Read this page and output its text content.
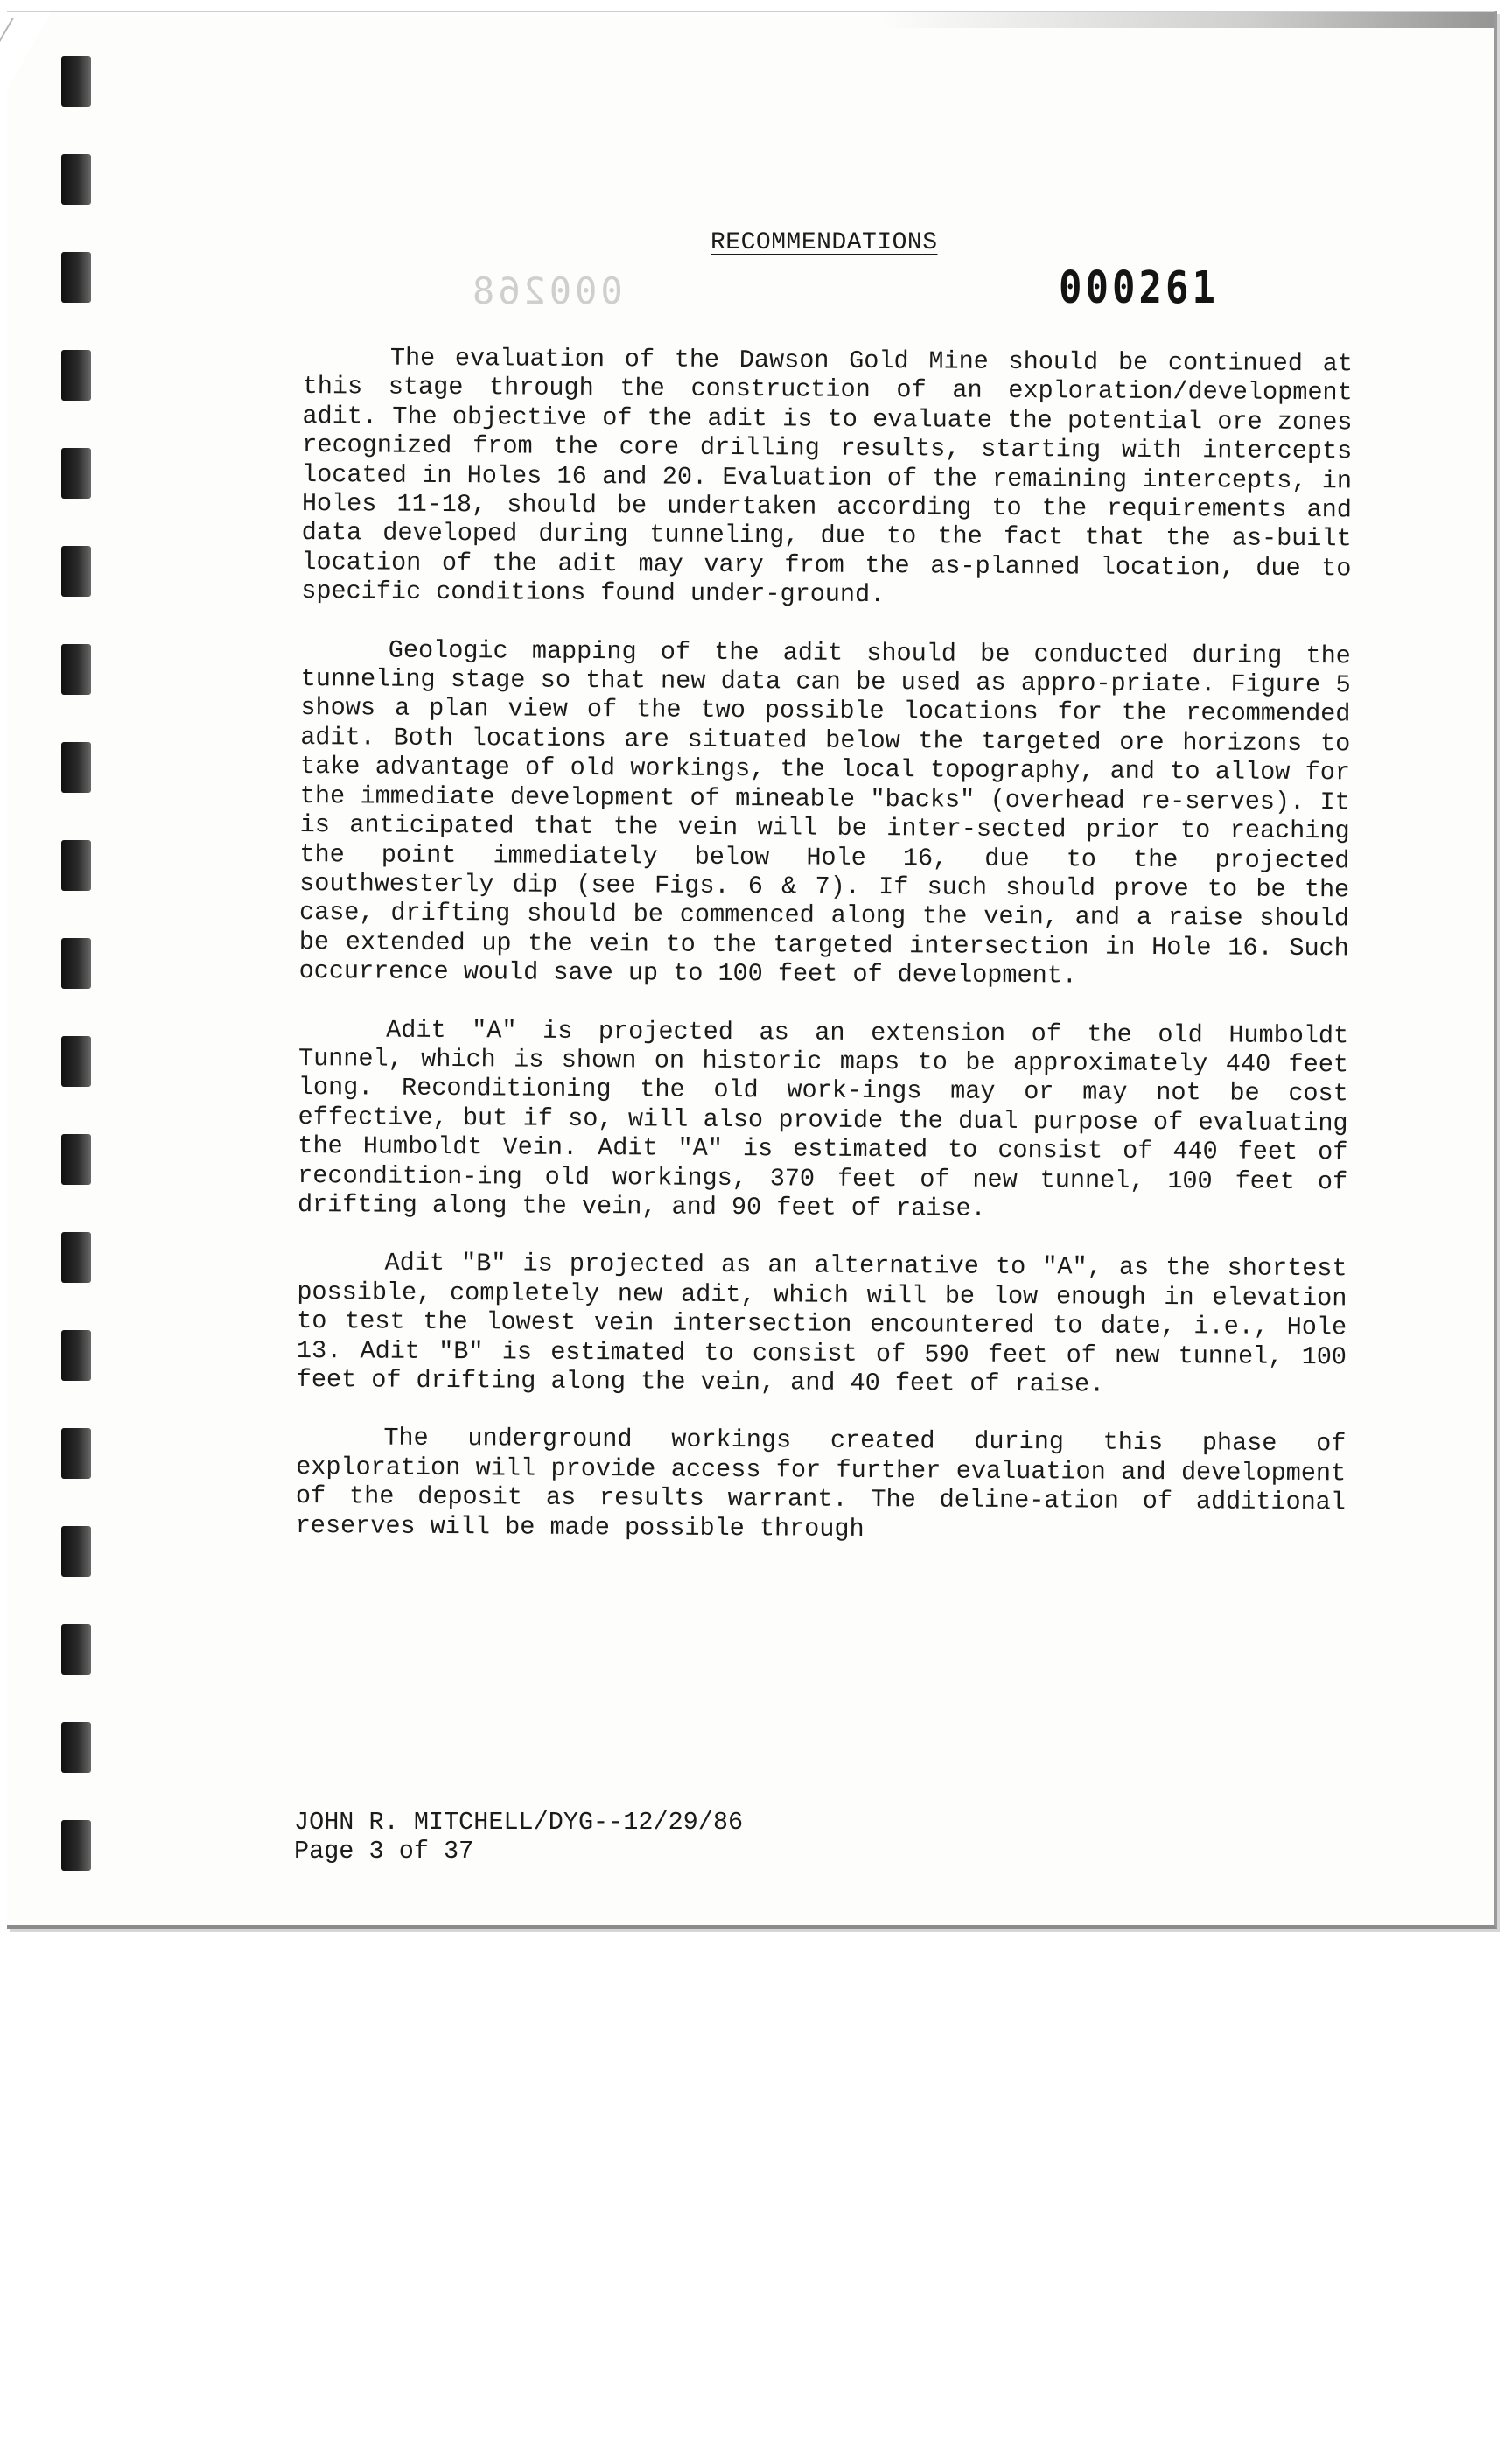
RECOMMENDATIONS
000268	000261

The evaluation of the Dawson Gold Mine should be continued at this stage through the construction of an exploration/development adit. The objective of the adit is to evaluate the potential ore zones recognized from the core drilling results, starting with intercepts located in Holes 16 and 20. Evaluation of the remaining intercepts, in Holes 11-18, should be undertaken according to the requirements and data developed during tunneling, due to the fact that the as-built location of the adit may vary from the as-planned location, due to specific conditions found under-ground.

Geologic mapping of the adit should be conducted during the tunneling stage so that new data can be used as appro-priate. Figure 5 shows a plan view of the two possible locations for the recommended adit. Both locations are situated below the targeted ore horizons to take advantage of old workings, the local topography, and to allow for the immediate development of mineable "backs" (overhead re-serves). It is anticipated that the vein will be inter-sected prior to reaching the point immediately below Hole 16, due to the projected southwesterly dip (see Figs. 6 & 7). If such should prove to be the case, drifting should be commenced along the vein, and a raise should be extended up the vein to the targeted intersection in Hole 16. Such occurrence would save up to 100 feet of development.

Adit "A" is projected as an extension of the old Humboldt Tunnel, which is shown on historic maps to be approximately 440 feet long. Reconditioning the old work-ings may or may not be cost effective, but if so, will also provide the dual purpose of evaluating the Humboldt Vein. Adit "A" is estimated to consist of 440 feet of recondition-ing old workings, 370 feet of new tunnel, 100 feet of drifting along the vein, and 90 feet of raise.

Adit "B" is projected as an alternative to "A", as the shortest possible, completely new adit, which will be low enough in elevation to test the lowest vein intersection encountered to date, i.e., Hole 13. Adit "B" is estimated to consist of 590 feet of new tunnel, 100 feet of drifting along the vein, and 40 feet of raise.

The underground workings created during this phase of exploration will provide access for further evaluation and development of the deposit as results warrant. The deline-ation of additional reserves will be made possible through

JOHN R. MITCHELL/DYG--12/29/86
Page 3 of 37
